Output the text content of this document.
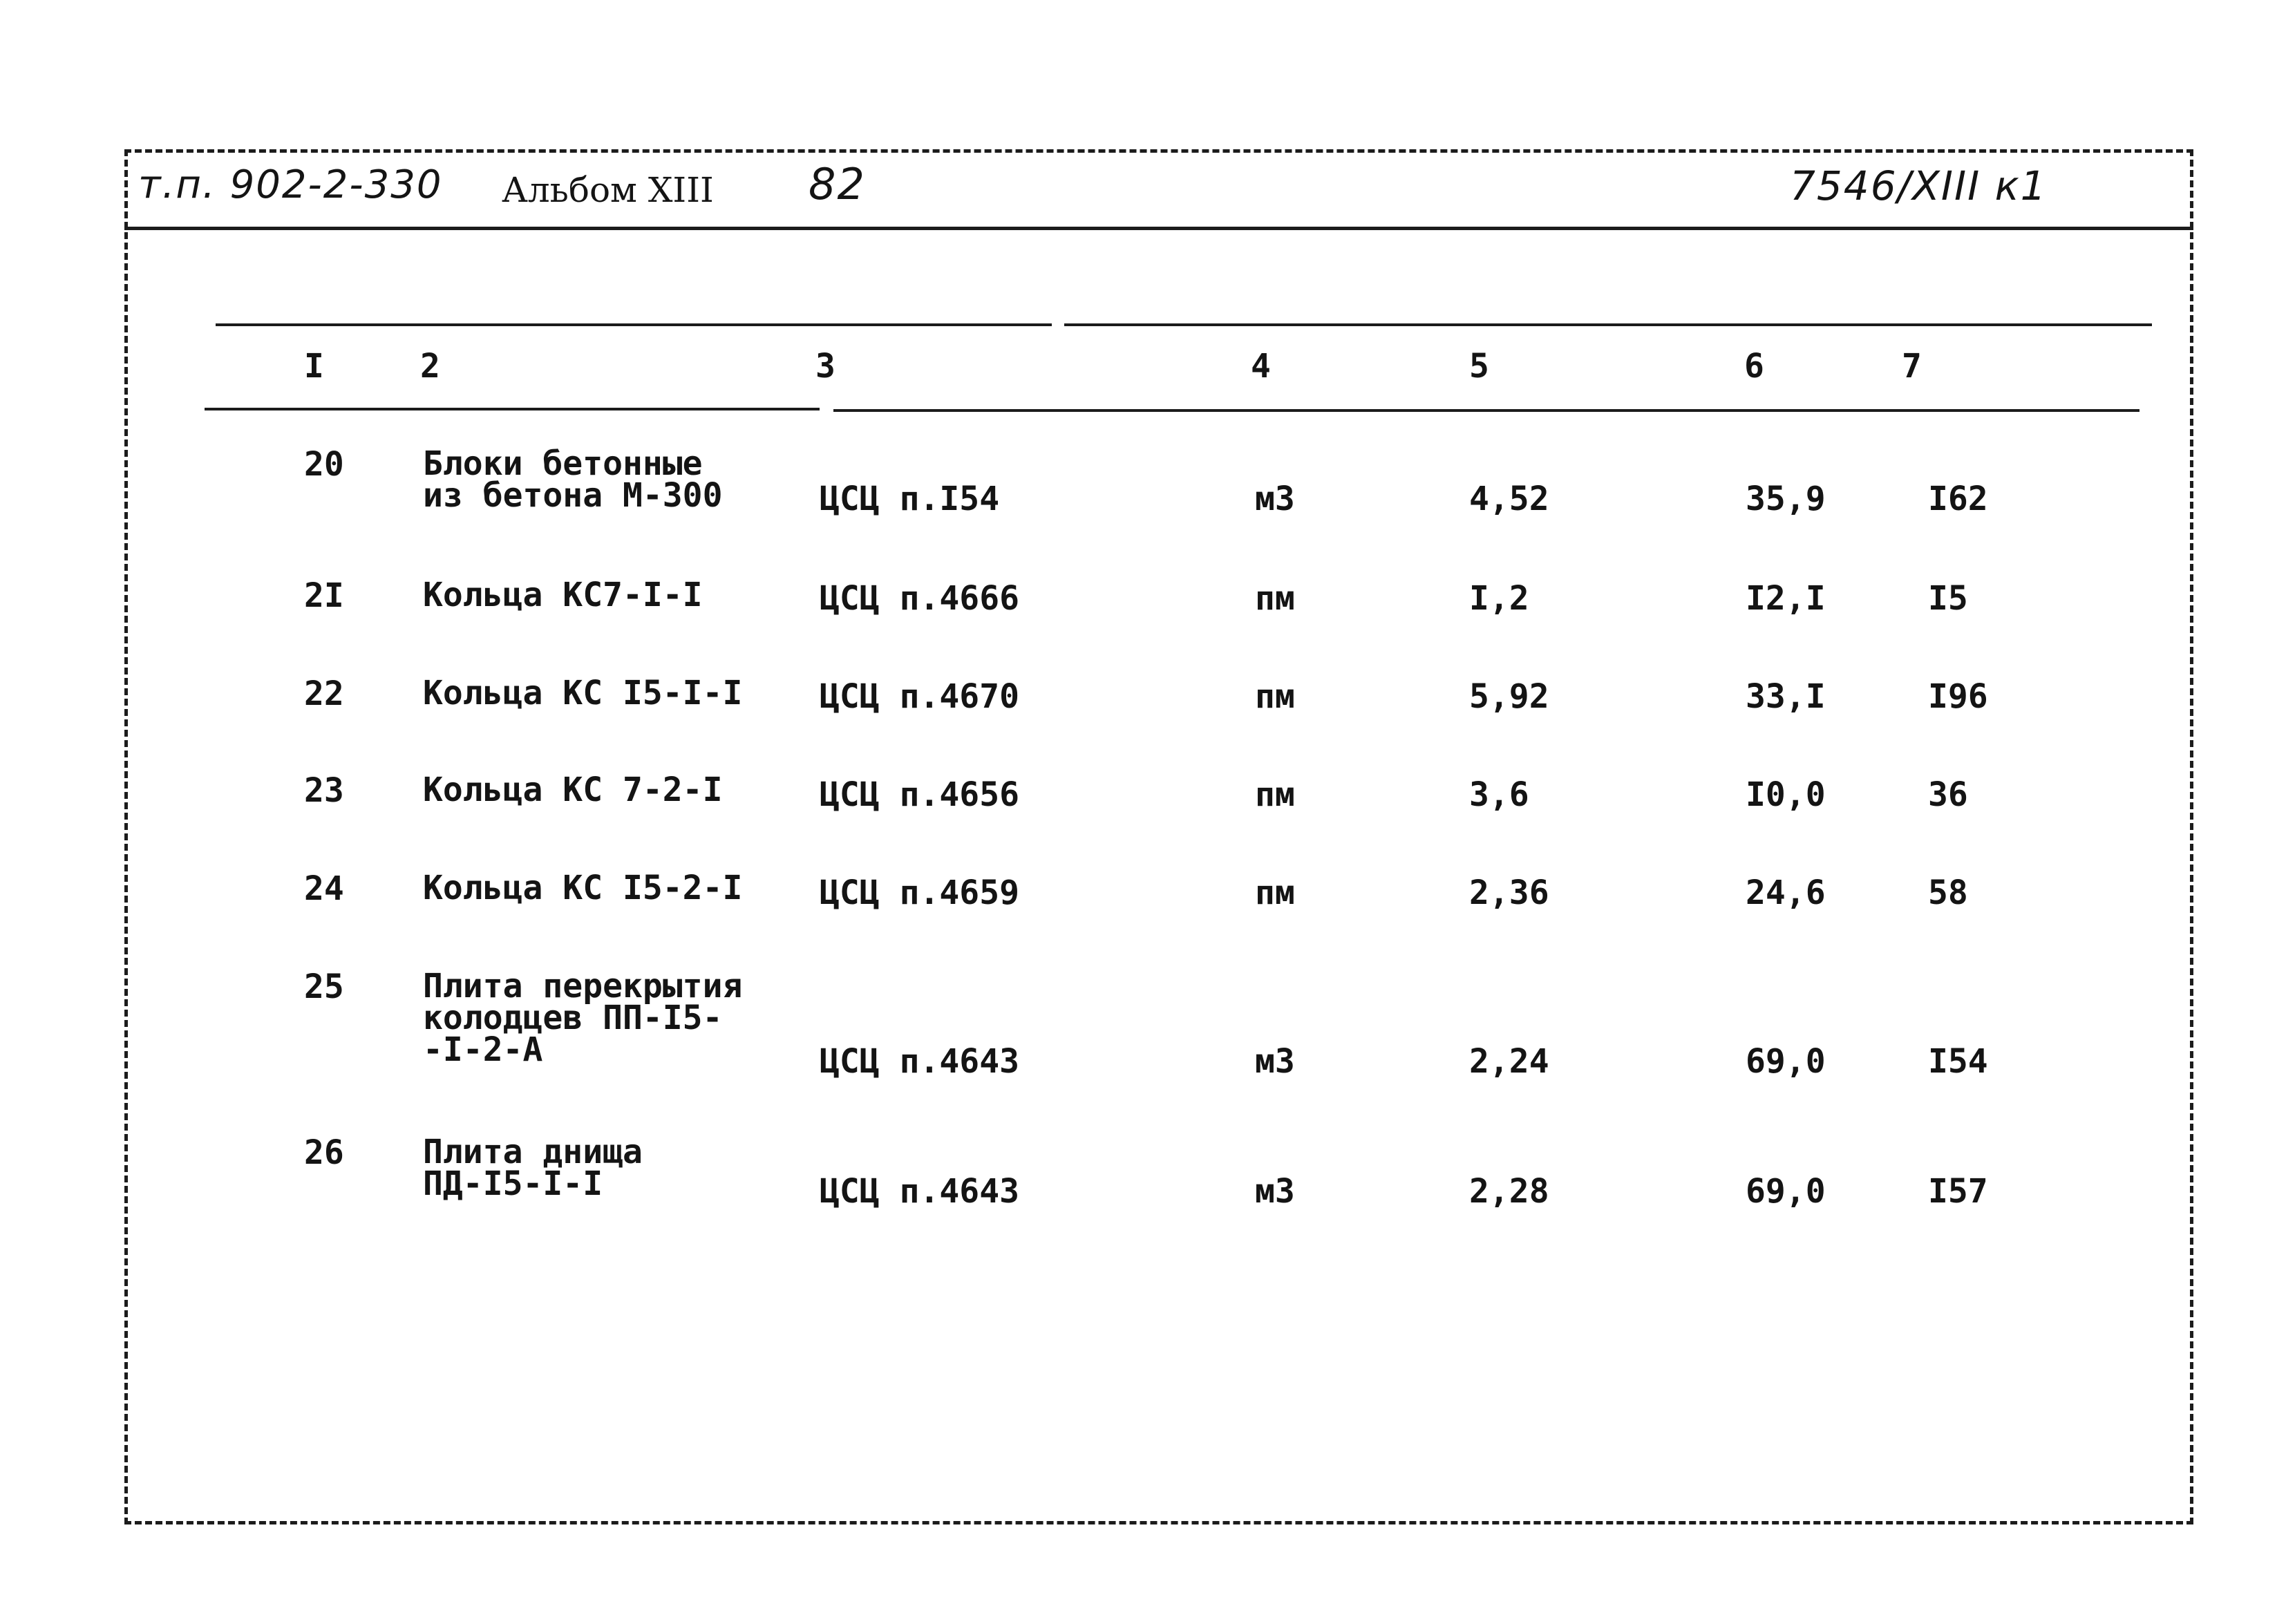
т.п. 902-2-330 Альбом XIII 82	7546/XIII к1
I	2	3	4	5	6	7
20 Блоки бетонные
из бетона М-300	ЦСЦ п.I54	м3	4,52	35,9	I62
2I Кольца КС7-I-I	ЦСЦ п.4666	пм	I,2	I2,I	I5
22 Кольца КС I5-I-I ЦСЦ п.4670	пм	5,92	33,I	I96
23 Кольца КС 7-2-I	ЦСЦ п.4656	пм	3,6	I0,0	36
24 Кольца КС I5-2-I ЦСЦ п.4659	пм	2,36	24,6	58
25 Плита перекрытия
колодцев ПП-I5-
-I-2-А	ЦСЦ п.4643	м3	2,24	69,0	I54
26 Плита днища
ПД-I5-I-I	ЦСЦ п.4643	м3	2,28	69,0	I57
